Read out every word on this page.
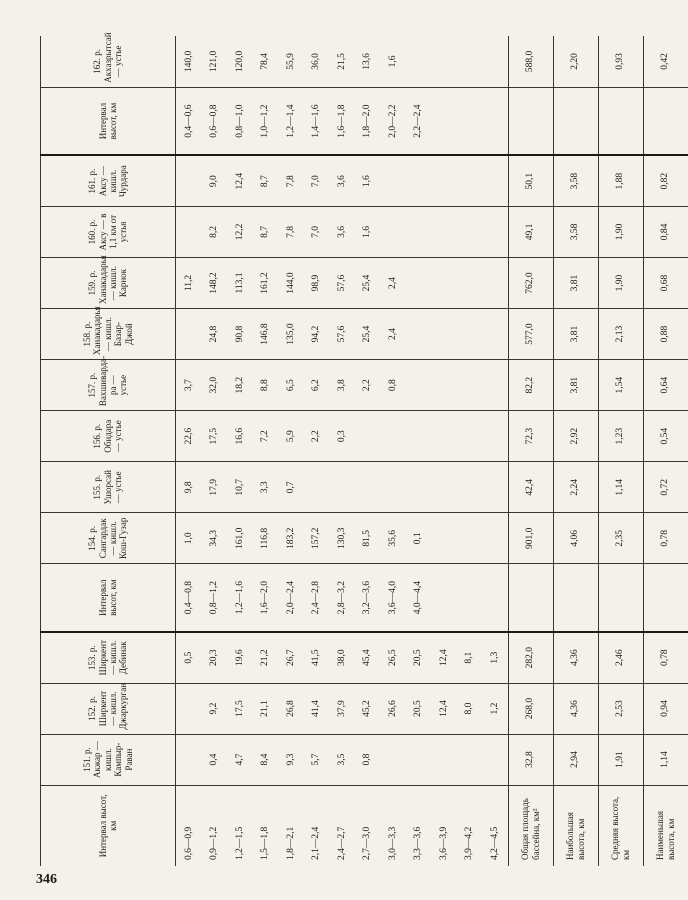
346
Интервал высот, км	151. р. Акжар — кишл. Кампыр-Раван	152. р. Ширкент — кишл. Джаркурган	153. р. Ширкент — кишл. Дебинак	Интервал высот, км	154. р. Сангардак — кишл. Кош-Гузар	155. р. Ушорсай — устье	156. р. Обидара — устье	157. р. Вахшиварда-ра — устье	158. р. Ханакадарья — кишл. Базар-Джой	159. р. Ханакадарья — кишл. Карнок	160. р. Аксу — в 1,1 км от устья	161. р. Аксу — кишл. Чурдара	Интервал высот, км	162. р. Акхазрытсай — устье
0,6—0,9			0,5	0,4—0,8	1,0	9,8	22,6	3,7		11,2			0,4—0,6	140,0
0,9—1,2	0,4	9,2	20,3	0,8—1,2	34,3	17,9	17,5	32,0	24,8	148,2	8,2	9,0	0,6—0,8	121,0
1,2—1,5	4,7	17,5	19,6	1,2—1,6	161,0	10,7	16,6	18,2	90,8	113,1	12,2	12,4	0,8—1,0	120,0
1,5—1,8	8,4	21,1	21,2	1,6—2,0	116,8	3,3	7,2	8,8	146,8	161,2	8,7	8,7	1,0—1,2	78,4
1,8—2,1	9,3	26,8	26,7	2,0—2,4	183,2	0,7	5,9	6,5	135,0	144,0	7,8	7,8	1,2—1,4	55,9
2,1—2,4	5,7	41,4	41,5	2,4—2,8	157,2		2,2	6,2	94,2	98,9	7,0	7,0	1,4—1,6	36,0
2,4—2,7	3,5	37,9	38,0	2,8—3,2	130,3		0,3	3,8	57,6	57,6	3,6	3,6	1,6—1,8	21,5
2,7—3,0	0,8	45,2	45,4	3,2—3,6	81,5			2,2	25,4	25,4	1,6	1,6	1,8—2,0	13,6
3,0—3,3		26,6	26,5	3,6—4,0	35,6			0,8	2,4	2,4			2,0—2,2	1,6
3,3—3,6		20,5	20,5	4,0—4,4	0,1								2,2—2,4	
3,6—3,9		12,4	12,4											
3,9—4,2		8,0	8,1											
4,2—4,5		1,2	1,3											
Общая площадь бассейна, км²	32,8	268,0	282,0		901,0	42,4	72,3	82,2	577,0	762,0	49,1	50,1		588,0
Наибольшая высота, км	2,94	4,36	4,36		4,06	2,24	2,92	3,81	3,81	3,81	3,58	3,58		2,20
Средняя высота, км	1,91	2,53	2,46		2,35	1,14	1,23	1,54	2,13	1,90	1,90	1,88		0,93
Наименьшая высота, км	1,14	0,94	0,78		0,78	0,72	0,54	0,64	0,88	0,68	0,84	0,82		0,42
